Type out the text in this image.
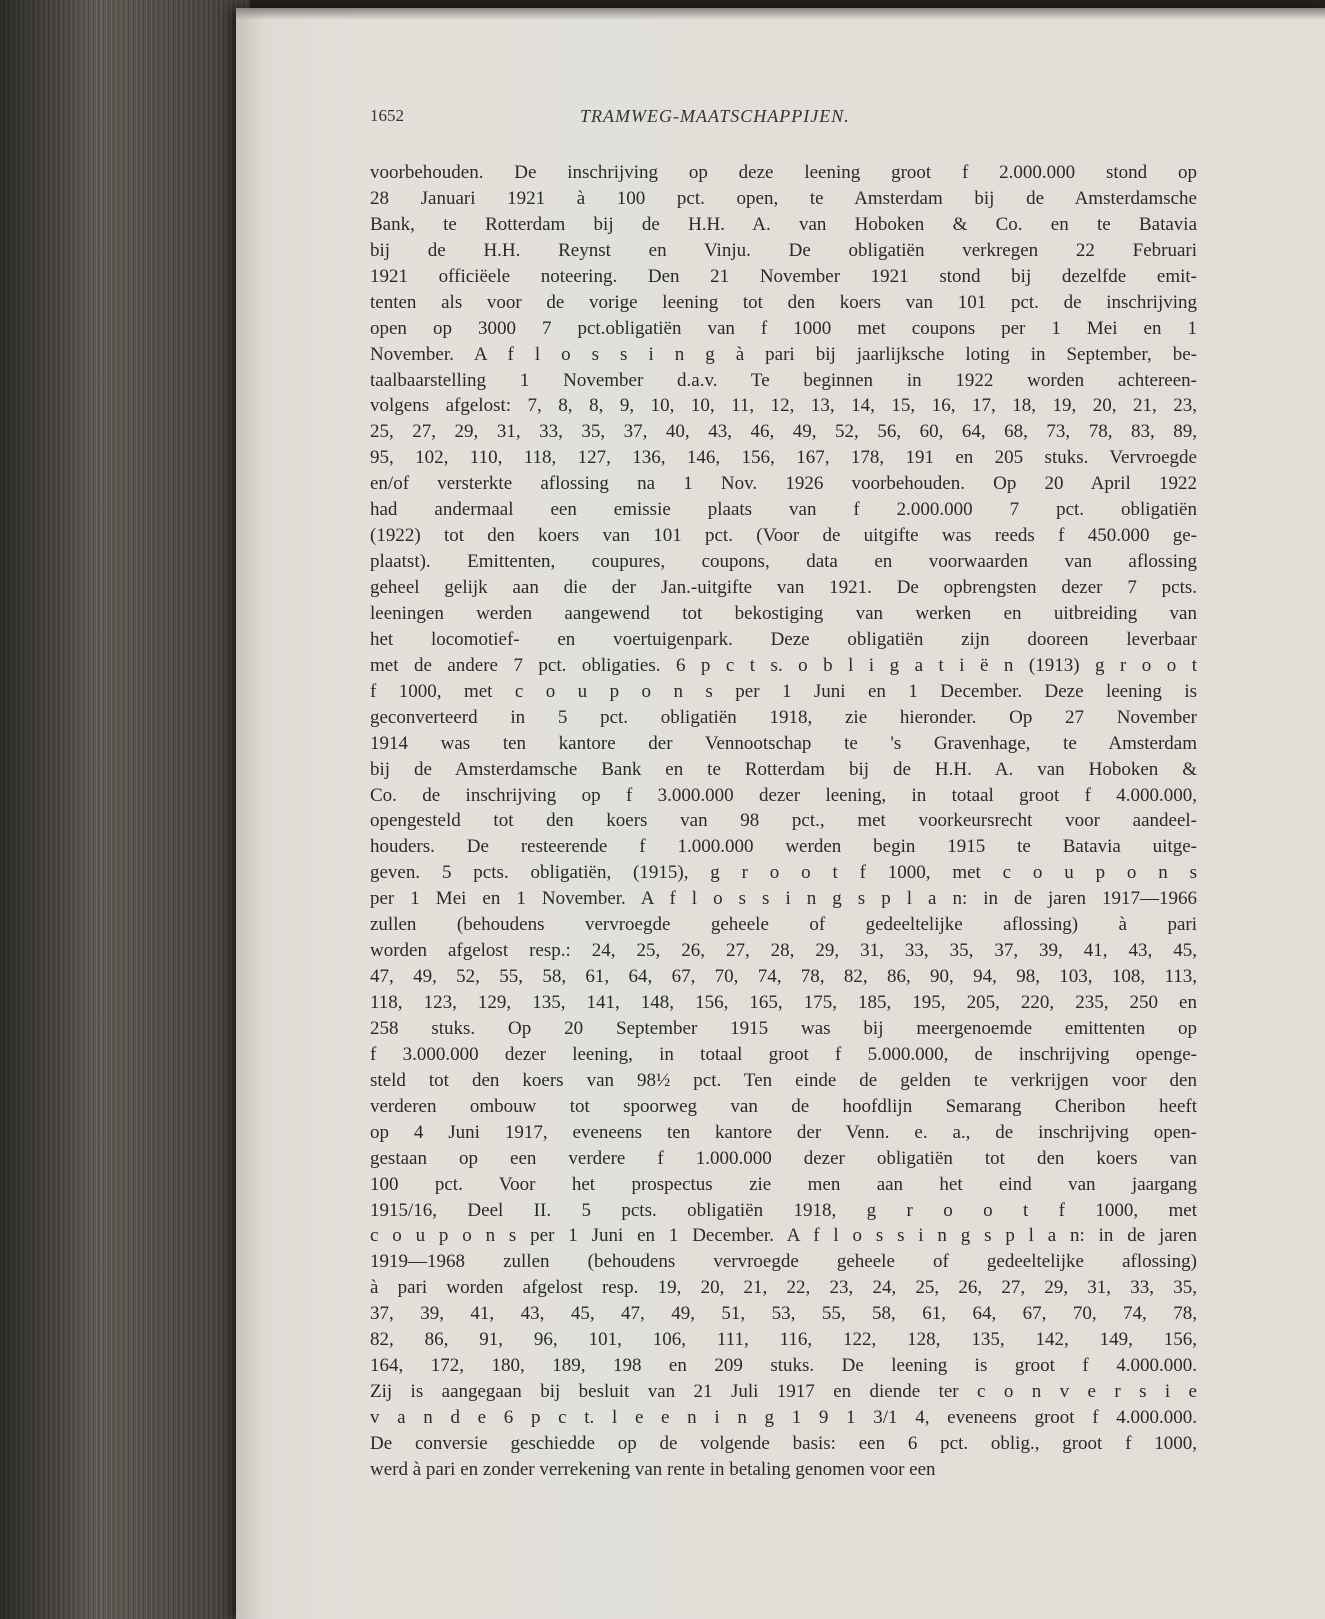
1652	TRAMWEG-MAATSCHAPPIJEN.
voorbehouden. De inschrijving op deze leening groot f 2.000.000 stond op
28 Januari 1921 à 100 pct. open, te Amsterdam bij de Amsterdamsche
Bank, te Rotterdam bij de H.H. A. van Hoboken & Co. en te Batavia
bij de H.H. Reynst en Vinju. De obligatiën verkregen 22 Februari
1921 officiëele noteering. Den 21 November 1921 stond bij dezelfde emit-
tenten als voor de vorige leening tot den koers van 101 pct. de inschrijving
open op 3000 7 pct.obligatiën van f 1000 met coupons per 1 Mei en 1
November. A f l o s s i n g à pari bij jaarlijksche loting in September, be-
taalbaarstelling 1 November d.a.v. Te beginnen in 1922 worden achtereen-
volgens afgelost: 7, 8, 8, 9, 10, 10, 11, 12, 13, 14, 15, 16, 17, 18, 19, 20, 21, 23,
25, 27, 29, 31, 33, 35, 37, 40, 43, 46, 49, 52, 56, 60, 64, 68, 73, 78, 83, 89,
95, 102, 110, 118, 127, 136, 146, 156, 167, 178, 191 en 205 stuks. Vervroegde
en/of versterkte aflossing na 1 Nov. 1926 voorbehouden. Op 20 April 1922
had andermaal een emissie plaats van f 2.000.000 7 pct. obligatiën
(1922) tot den koers van 101 pct. (Voor de uitgifte was reeds f 450.000 ge-
plaatst). Emittenten, coupures, coupons, data en voorwaarden van aflossing
geheel gelijk aan die der Jan.-uitgifte van 1921. De opbrengsten dezer 7 pcts.
leeningen werden aangewend tot bekostiging van werken en uitbreiding van
het locomotief- en voertuigenpark. Deze obligatiën zijn dooreen leverbaar
met de andere 7 pct. obligaties. 6 p c t s. o b l i g a t i ë n (1913) g r o o t
f 1000, met c o u p o n s per 1 Juni en 1 December. Deze leening is
geconverteerd in 5 pct. obligatiën 1918, zie hieronder. Op 27 November
1914 was ten kantore der Vennootschap te 's Gravenhage, te Amsterdam
bij de Amsterdamsche Bank en te Rotterdam bij de H.H. A. van Hoboken &
Co. de inschrijving op f 3.000.000 dezer leening, in totaal groot f 4.000.000,
opengesteld tot den koers van 98 pct., met voorkeursrecht voor aandeel-
houders. De resteerende f 1.000.000 werden begin 1915 te Batavia uitge-
geven. 5 pcts. obligatiën, (1915), g r o o t f 1000, met c o u p o n s
per 1 Mei en 1 November. A f l o s s i n g s p l a n: in de jaren 1917—1966
zullen (behoudens vervroegde geheele of gedeeltelijke aflossing) à pari
worden afgelost resp.: 24, 25, 26, 27, 28, 29, 31, 33, 35, 37, 39, 41, 43, 45,
47, 49, 52, 55, 58, 61, 64, 67, 70, 74, 78, 82, 86, 90, 94, 98, 103, 108, 113,
118, 123, 129, 135, 141, 148, 156, 165, 175, 185, 195, 205, 220, 235, 250 en
258 stuks. Op 20 September 1915 was bij meergenoemde emittenten op
f 3.000.000 dezer leening, in totaal groot f 5.000.000, de inschrijving openge-
steld tot den koers van 98½ pct. Ten einde de gelden te verkrijgen voor den
verderen ombouw tot spoorweg van de hoofdlijn Semarang Cheribon heeft
op 4 Juni 1917, eveneens ten kantore der Venn. e. a., de inschrijving open-
gestaan op een verdere f 1.000.000 dezer obligatiën tot den koers van
100 pct. Voor het prospectus zie men aan het eind van jaargang
1915/16, Deel II. 5 pcts. obligatiën 1918, g r o o t f 1000, met
c o u p o n s per 1 Juni en 1 December. A f l o s s i n g s p l a n: in de jaren
1919—1968 zullen (behoudens vervroegde geheele of gedeeltelijke aflossing)
à pari worden afgelost resp. 19, 20, 21, 22, 23, 24, 25, 26, 27, 29, 31, 33, 35,
37, 39, 41, 43, 45, 47, 49, 51, 53, 55, 58, 61, 64, 67, 70, 74, 78,
82, 86, 91, 96, 101, 106, 111, 116, 122, 128, 135, 142, 149, 156,
164, 172, 180, 189, 198 en 209 stuks. De leening is groot f 4.000.000.
Zij is aangegaan bij besluit van 21 Juli 1917 en diende ter c o n v e r s i e
v a n d e 6 p c t. l e e n i n g 1 9 1 3/1 4, eveneens groot f 4.000.000.
De conversie geschiedde op de volgende basis: een 6 pct. oblig., groot f 1000,
werd à pari en zonder verrekening van rente in betaling genomen voor een
